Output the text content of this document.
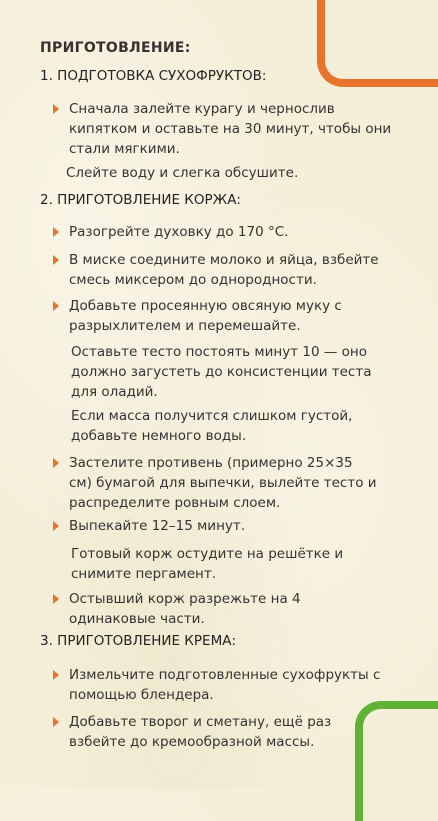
ПРИГОТОВЛЕНИЕ:
1. ПОДГОТОВКА СУХОФРУКТОВ:
Сначала залейте курагу и чернослив
кипятком и оставьте на 30 минут, чтобы они
стали мягкими.
Слейте воду и слегка обсушите.
2. ПРИГОТОВЛЕНИЕ КОРЖА:
Разогрейте духовку до 170 °С.
В миске соедините молоко и яйца, взбейте
смесь миксером до однородности.
Добавьте просеянную овсяную муку с
разрыхлителем и перемешайте.
Оставьте тесто постоять минут 10 — оно
должно загустеть до консистенции теста
для оладий.
Если масса получится слишком густой,
добавьте немного воды.
Застелите противень (примерно 25×35
см) бумагой для выпечки, вылейте тесто и
распределите ровным слоем.
Выпекайте 12–15 минут.
Готовый корж остудите на решётке и
снимите пергамент.
Остывший корж разрежьте на 4
одинаковые части.
3. ПРИГОТОВЛЕНИЕ КРЕМА:
Измельчите подготовленные сухофрукты с
помощью блендера.
Добавьте творог и сметану, ещё раз
взбейте до кремообразной массы.
